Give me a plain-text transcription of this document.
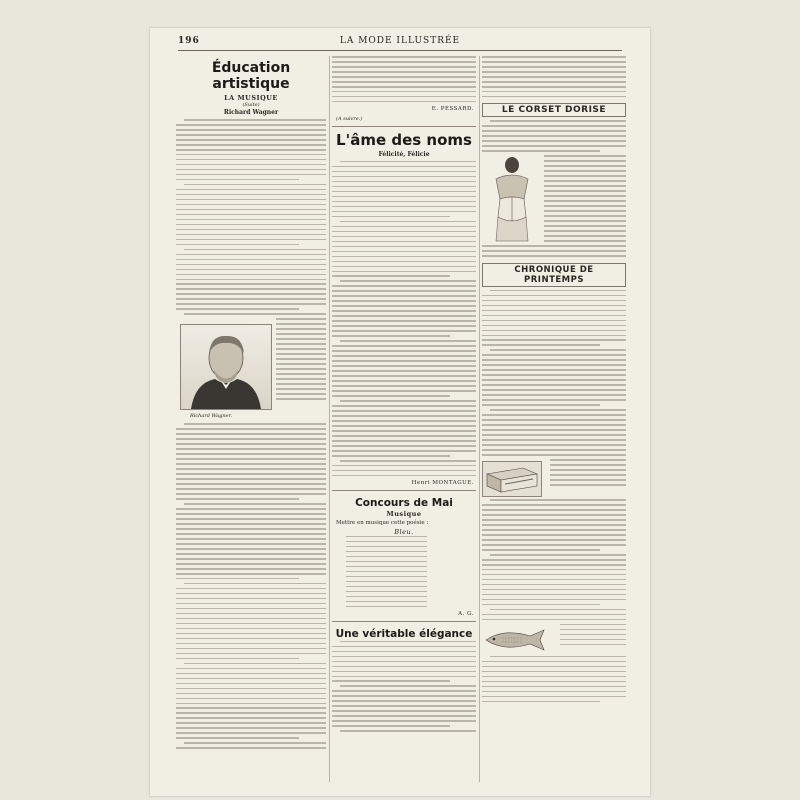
196	LA MODE ILLUSTRÉE
Éducation artistique
LA MUSIQUE
(Suite)
Richard Wagner
Richard Wagner.
E. PESSARD.
(A suivre.)
L'âme des noms
Félicité, Félicie
Henri MONTAGUE.
Concours de Mai
Musique
Mettre en musique cette poésie :
Bleu.
A. G.
Une véritable élégance
LE CORSET DORISE
CHRONIQUE DE PRINTEMPS
